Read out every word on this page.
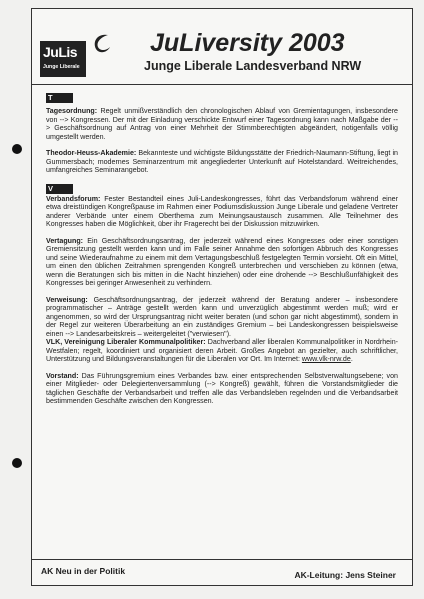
JuLis
Junge Liberale
JuLiversity 2003
Junge Liberale Landesverband NRW
T

Tagesordnung: Regelt unmißverständlich den chronologischen Ablauf von Gremientagungen, insbesondere von --> Kongressen. Der mit der Einladung verschickte Entwurf einer Tagesordnung kann nach Maßgabe der --> Geschäftsordnung auf Antrag von einer Mehrheit der Stimmberechtigten abgeändert, notigenfalls völlig umgestellt werden.

Theodor-Heuss-Akademie: Bekannteste und wichtigste Bildungsstätte der Friedrich-Naumann-Stiftung, liegt in Gummersbach; modernes Seminarzentrum mit angegliederter Unterkunft auf Hotelstandard. Weitreichendes, umfangreiches Seminarangebot.

V

Verbandsforum: Fester Bestandteil eines Juli-Landeskongresses, führt das Verbandsforum während einer etwa dreistündigen Kongreßpause im Rahmen einer Podiumsdiskussion Junge Liberale und geladene Vertreter anderer Verbände unter einem Oberthema zum Meinungsaustausch zusammen. Alle Teilnehmer des Kongresses haben die Möglichkeit, über ihr Fragerecht bei der Diskussion mitzuwirken.

Vertagung: Ein Geschäftsordnungsantrag, der jederzeit während eines Kongresses oder einer sonstigen Gremiensitzung gestellt werden kann und im Falle seiner Annahme den sofortigen Abbruch des Kongresses und seine Wiederaufnahme zu einem mit dem Vertagungsbeschluß festgelegten Termin vorsieht. Oft ein Mittel, um einen den üblichen Zeitrahmen sprengenden Kongreß unterbrechen und verschieben zu können (etwa, wenn die Beratungen sich bis mitten in die Nacht hinziehen) oder eine drohende --> Beschlußunfähigkeit des Kongresses bei geringer Anwesenheit zu verhindern.

Verweisung: Geschäftsordnungsantrag, der jederzeit während der Beratung anderer – insbesondere programmatischer – Anträge gestellt werden kann und unverzüglich abgestimmt werden muß; wird er angenommen, so wird der Ursprungsantrag nicht weiter beraten (und schon gar nicht abgestimmt), sondern in der Regel zur weiteren Überarbeitung an ein zuständiges Gremium – bei Landeskongressen beispielsweise einen --> Landesarbeitskreis – weitergeleitet ("verwiesen").

VLK, Vereinigung Liberaler Kommunalpolitiker: Dachverband aller liberalen Kommunalpolitiker in Nordrhein-Westfalen; regelt, koordiniert und organisiert deren Arbeit. Großes Angebot an gezielter, auch schriftlicher, Unterstützung und Bildungsveranstaltungen für die Liberalen vor Ort. Im Internet: www.vlk-nrw.de.

Vorstand: Das Führungsgremium eines Verbandes bzw. einer entsprechenden Selbstverwaltungsebene; von einer Mitglieder- oder Delegiertenversammlung (--> Kongreß) gewählt, führen die Vorstandsmitglieder die täglichen Geschäfte der Verbandsarbeit und treffen alle das Verbandsleben regelnden und die Verbandsarbeit bestimmenden Geschäfte zwischen den Kongressen.

AK Neu in der Politik	AK-Leitung: Jens Steiner
